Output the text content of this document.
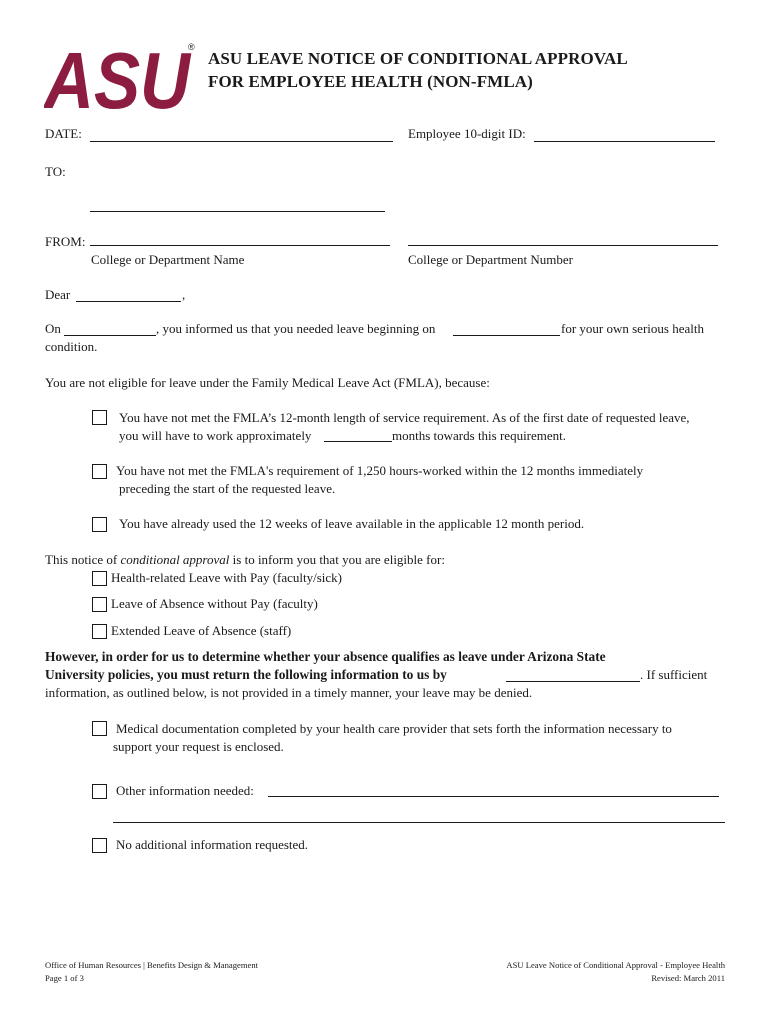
ASU
®
ASU LEAVE NOTICE OF CONDITIONAL APPROVAL
FOR EMPLOYEE HEALTH (NON-FMLA)
DATE:	Employee 10-digit ID:
TO:
FROM:
College or Department Name	College or Department Number
Dear	,
On	, you informed us that you needed leave beginning on	for your own serious health
condition.
You are not eligible for leave under the Family Medical Leave Act (FMLA), because:
You have not met the FMLA’s 12-month length of service requirement. As of the first date of requested leave,
you will have to work approximately	months towards this requirement.
You have not met the FMLA's requirement of 1,250 hours-worked within the 12 months immediately
preceding the start of the requested leave.
You have already used the 12 weeks of leave available in the applicable 12 month period.
This notice of conditional approval is to inform you that you are eligible for:
Health-related Leave with Pay (faculty/sick)
Leave of Absence without Pay (faculty)
Extended Leave of Absence (staff)
However, in order for us to determine whether your absence qualifies as leave under Arizona State
University policies, you must return the following information to us by	. If sufficient
information, as outlined below, is not provided in a timely manner, your leave may be denied.
Medical documentation completed by your health care provider that sets forth the information necessary to
support your request is enclosed.
Other information needed:
No additional information requested.
Office of Human Resources | Benefits Design & Management
Page 1 of 3
ASU Leave Notice of Conditional Approval - Employee Health
Revised: March 2011
